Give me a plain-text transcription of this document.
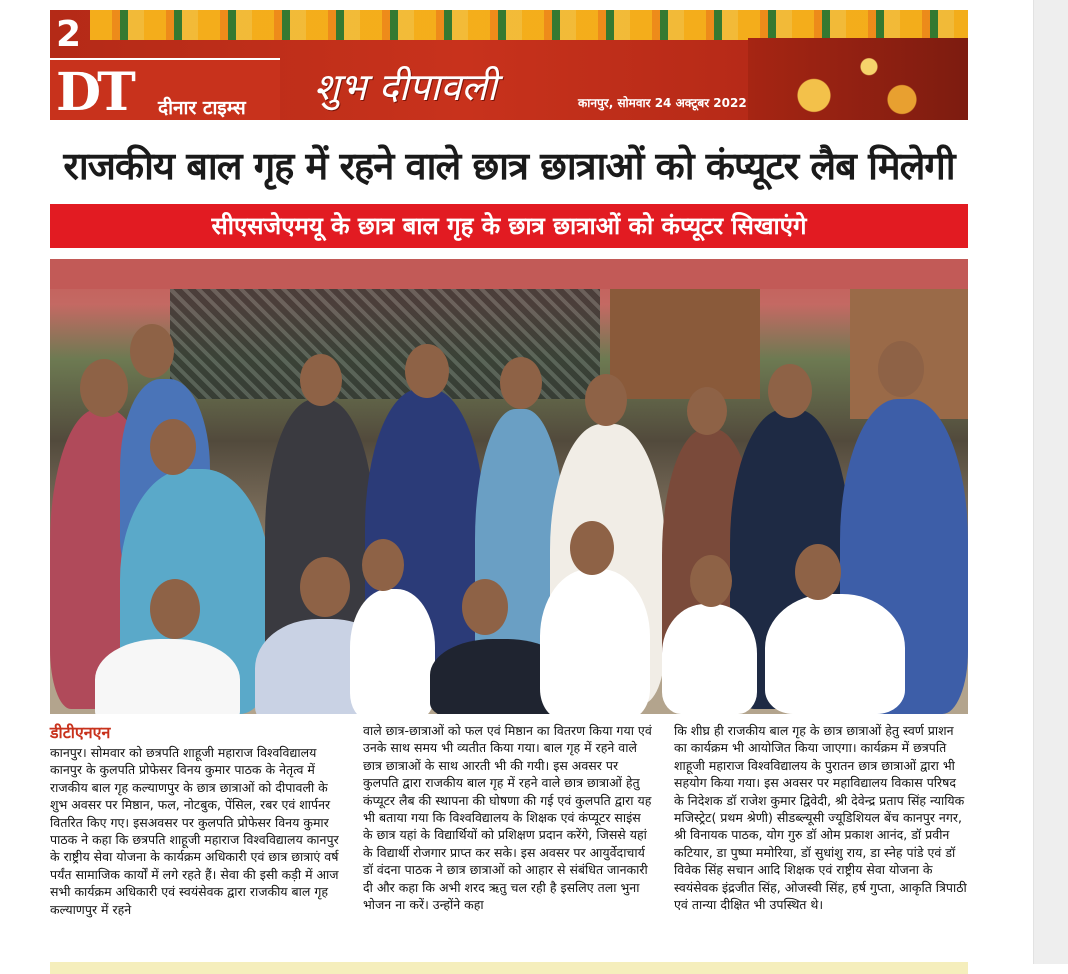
2
DT दीनार टाइम्स शुभ दीपावली	कानपुर, सोमवार 24 अक्टूबर 2022
राजकीय बाल गृह में रहने वाले छात्र छात्राओं को कंप्यूटर लैब मिलेगी
सीएसजेएमयू के छात्र बाल गृह के छात्र छात्राओं को कंप्यूटर सिखाएंगे
डीटीएनएन
कानपुर। सोमवार को छत्रपति शाहूजी महाराज विश्वविद्यालय कानपुर के कुलपति प्रोफेसर विनय कुमार पाठक के नेतृत्व में राजकीय बाल गृह कल्याणपुर के छात्र छात्राओं को दीपावली के शुभ अवसर पर मिष्ठान, फल, नोटबुक, पेंसिल, रबर एवं शार्पनर वितरित किए गए। इसअवसर पर कुलपति प्रोफेसर विनय कुमार पाठक ने कहा कि छत्रपति शाहूजी महाराज विश्वविद्यालय कानपुर के राष्ट्रीय सेवा योजना के कार्यक्रम अधिकारी एवं छात्र छात्राएं वर्ष पर्यंत सामाजिक कार्यों में लगे रहते हैं। सेवा की इसी कड़ी में आज सभी कार्यक्रम अधिकारी एवं स्वयंसेवक द्वारा राजकीय बाल गृह कल्याणपुर में रहने
वाले छात्र-छात्राओं को फल एवं मिष्ठान का वितरण किया गया एवं उनके साथ समय भी व्यतीत किया गया। बाल गृह में रहने वाले छात्र छात्राओं के साथ आरती भी की गयी। इस अवसर पर कुलपति द्वारा राजकीय बाल गृह में रहने वाले छात्र छात्राओं हेतु कंप्यूटर लैब की स्थापना की घोषणा की गई एवं कुलपति द्वारा यह भी बताया गया कि विश्वविद्यालय के शिक्षक एवं कंप्यूटर साइंस के छात्र यहां के विद्यार्थियों को प्रशिक्षण प्रदान करेंगे, जिससे यहां के विद्यार्थी रोजगार प्राप्त कर सके। इस अवसर पर आयुर्वेदाचार्य डॉ वंदना पाठक ने छात्र छात्राओं को आहार से संबंधित जानकारी दी और कहा कि अभी शरद ऋतु चल रही है इसलिए तला भुना भोजन ना करें। उन्होंने कहा
कि शीघ्र ही राजकीय बाल गृह के छात्र छात्राओं हेतु स्वर्ण प्राशन का कार्यक्रम भी आयोजित किया जाएगा। कार्यक्रम में छत्रपति शाहूजी महाराज विश्वविद्यालय के पुरातन छात्र छात्राओं द्वारा भी सहयोग किया गया। इस अवसर पर महाविद्यालय विकास परिषद के निदेशक डॉ राजेश कुमार द्विवेदी, श्री देवेन्द्र प्रताप सिंह न्यायिक मजिस्ट्रेट( प्रथम श्रेणी) सीडब्ल्यूसी ज्यूडिशियल बेंच कानपुर नगर, श्री विनायक पाठक, योग गुरु डॉ ओम प्रकाश आनंद, डॉ प्रवीन कटियार, डा पुष्पा ममोरिया, डॉ सुधांशु राय, डा स्नेह पांडे एवं डॉ विवेक सिंह सचान आदि शिक्षक एवं राष्ट्रीय सेवा योजना के स्वयंसेवक इंद्रजीत सिंह, ओजस्वी सिंह, हर्ष गुप्ता, आकृति त्रिपाठी एवं तान्या दीक्षित भी उपस्थित थे।
